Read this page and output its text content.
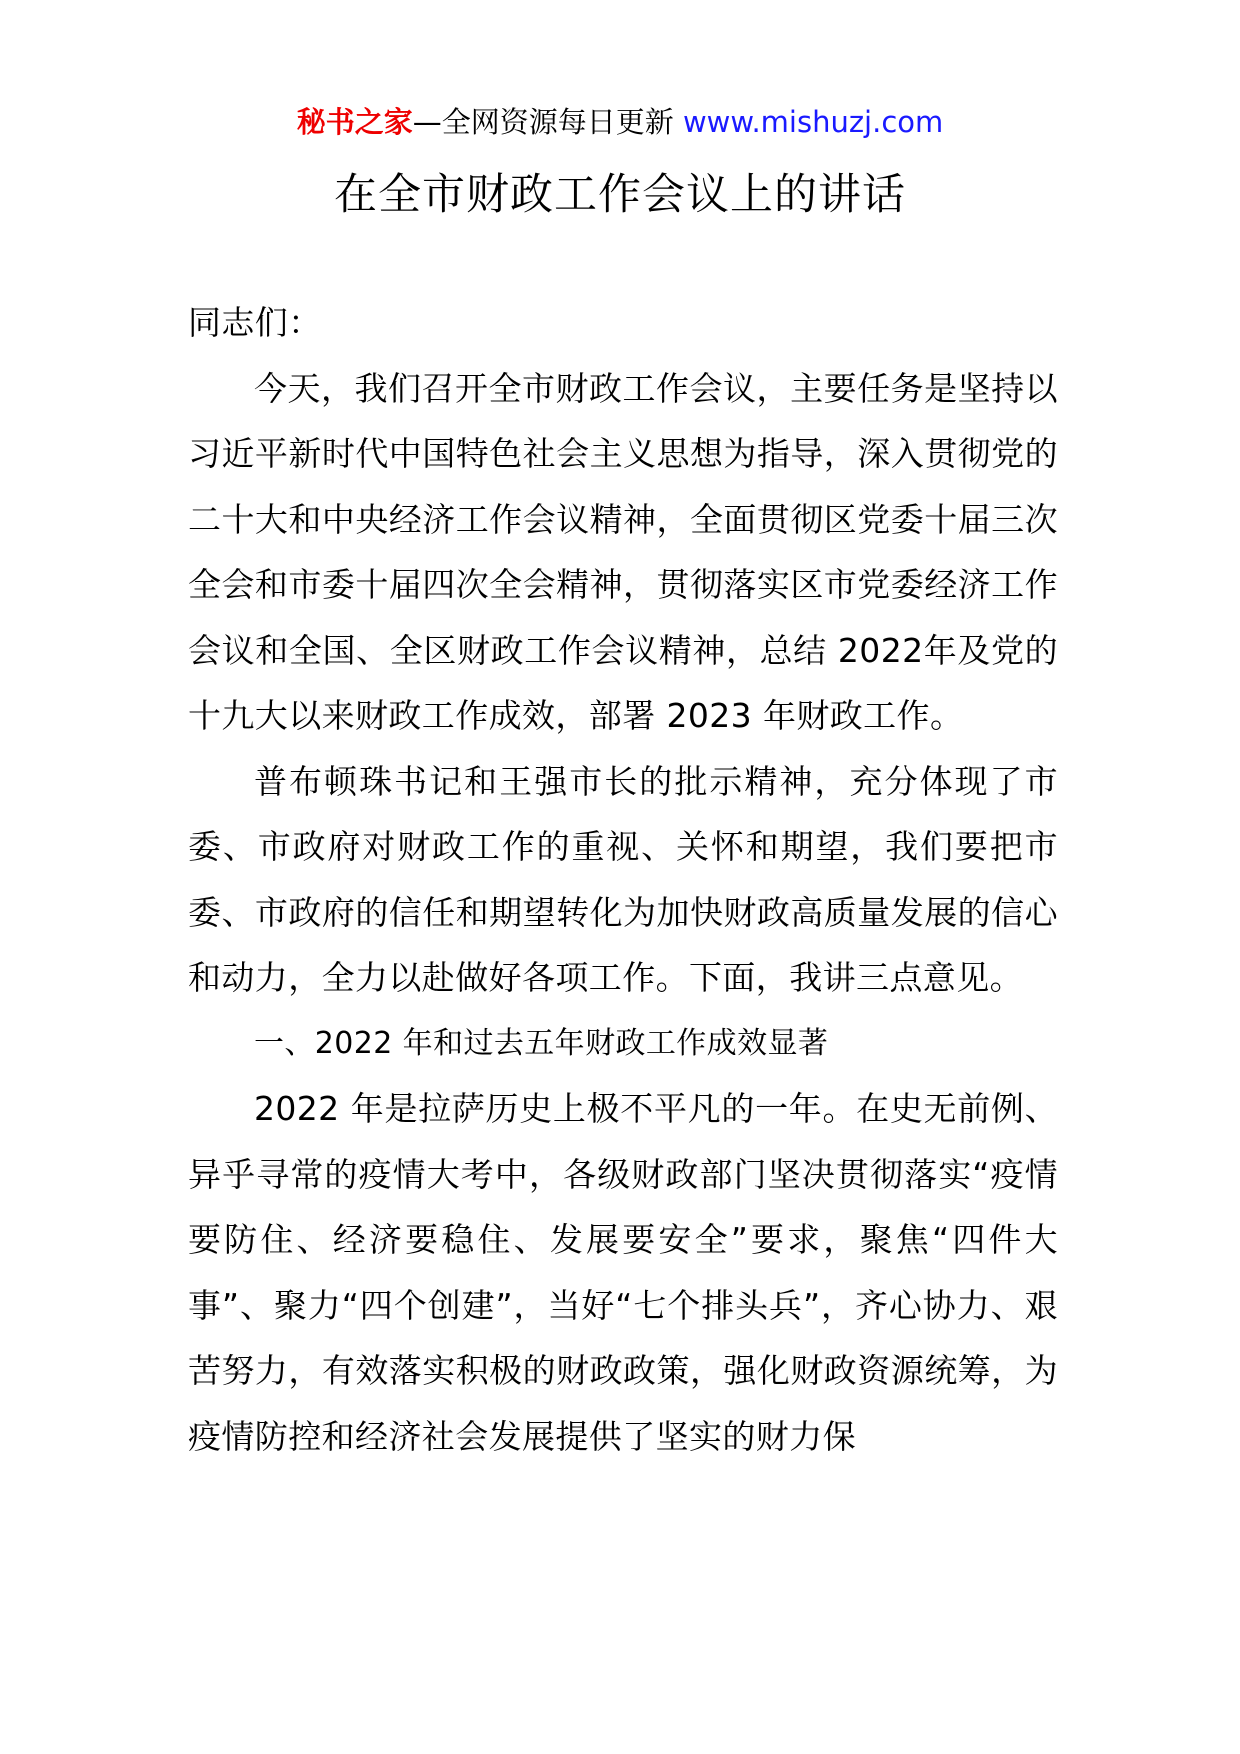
秘书之家—全网资源每日更新 www.mishuzj.com
在全市财政工作会议上的讲话

同志们：

今天，我们召开全市财政工作会议，主要任务是坚持以习近平新时代中国特色社会主义思想为指导，深入贯彻党的二十大和中央经济工作会议精神，全面贯彻区党委十届三次全会和市委十届四次全会精神，贯彻落实区市党委经济工作会议和全国、全区财政工作会议精神，总结 2022年及党的十九大以来财政工作成效，部署 2023 年财政工作。

普布顿珠书记和王强市长的批示精神，充分体现了市委、市政府对财政工作的重视、关怀和期望，我们要把市委、市政府的信任和期望转化为加快财政高质量发展的信心和动力，全力以赴做好各项工作。下面，我讲三点意见。

一、2022 年和过去五年财政工作成效显著

2022 年是拉萨历史上极不平凡的一年。在史无前例、异乎寻常的疫情大考中，各级财政部门坚决贯彻落实“疫情要防住、经济要稳住、发展要安全”要求，聚焦“四件大事”、聚力“四个创建”，当好“七个排头兵”，齐心协力、艰苦努力，有效落实积极的财政政策，强化财政资源统筹，为疫情防控和经济社会发展提供了坚实的财力保
